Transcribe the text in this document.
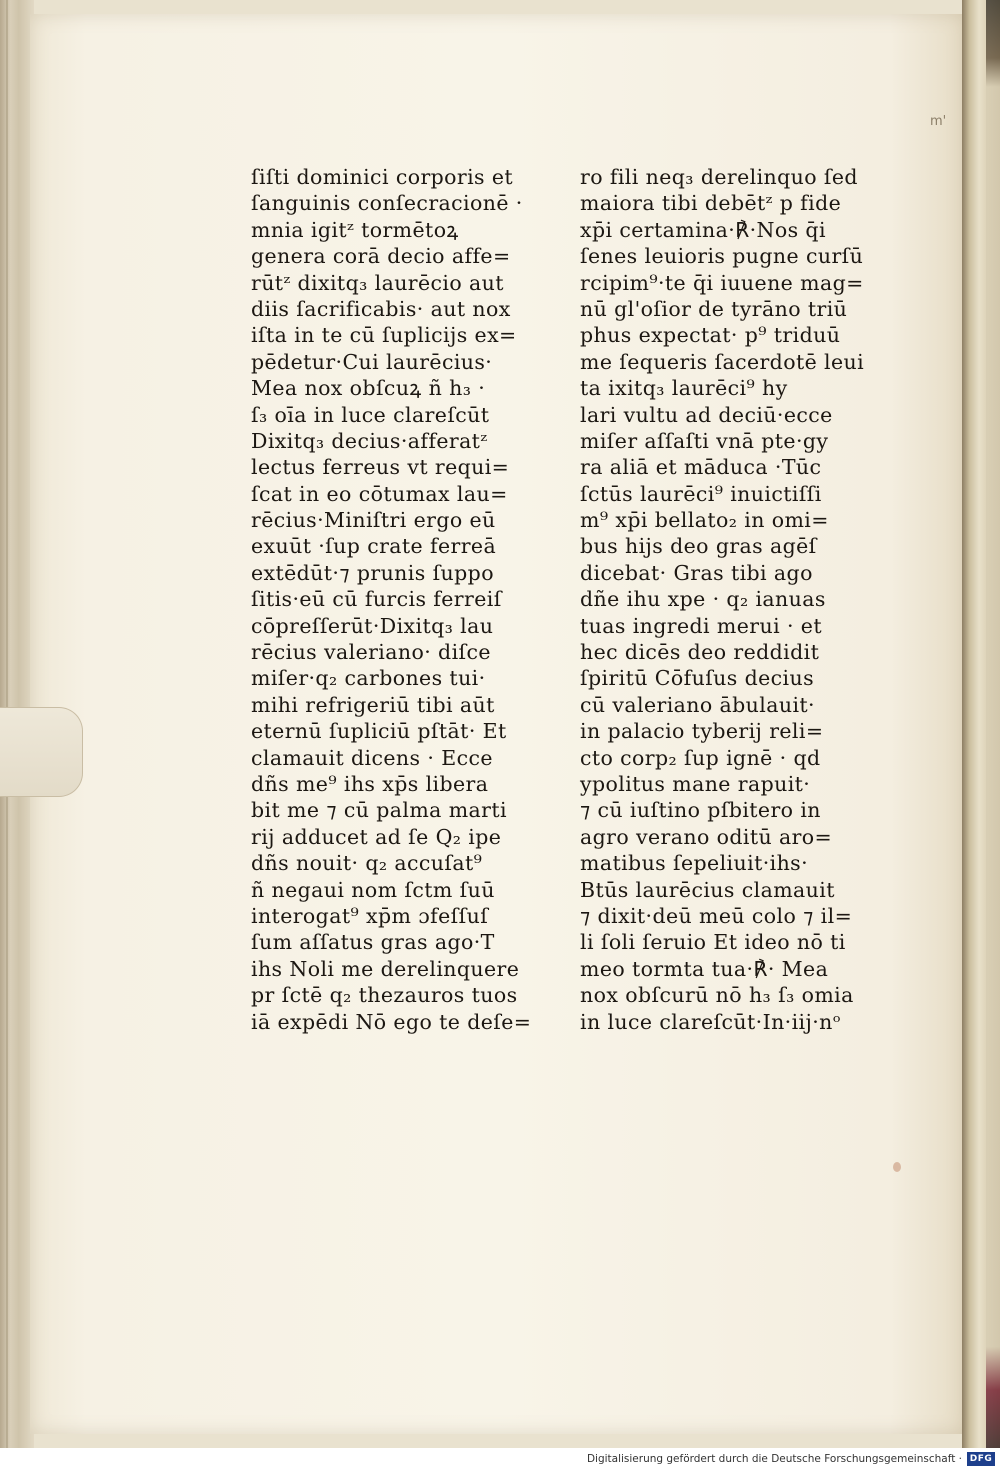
m'
ſiſti dominici corporis et
ſanguinis conſecracionē ·
mnia igitᶻ tormētoꝝ
genera corā decio affe=
rūtᶻ dixitq₃ laurēcio aut
diis ſacrificabis· aut nox
iſta in te cū ſuplicijs ex=
pēdetur·Cui laurēcius·
Mea nox obſcuꝝ ñ h₃ ·
ſ₃ oīa in luce clareſcūt
Dixitq₃ decius·afferatᶻ
lectus ferreus vt requi=
ſcat in eo cōtumax lau=
rēcius·Miniſtri ergo eū
exuūt ·ſup crate ferreā
extēdūt·⁊ prunis ſuppo
ſitis·eū cū furcis ferreiſ
cōpreſſerūt·Dixitq₃ lau
rēcius valeriano· diſce
miſer·q₂ carbones tui·
mihi refrigeriū tibi aūt
eternū ſupliciū pſtāt· Et
clamauit dicens · Ecce
dñs me⁹ ihs xp̄s libera
bit me ⁊ cū palma marti
rij adducet ad ſe Q₂ ipe
dñs nouit· q₂ accuſat⁹
ñ negaui nom ſctm ſuū
interogat⁹ xp̄m ɔfeſſuſ
ſum aſſatus gras ago·T
ihs Noli me derelinquere
pr ſctē q₂ thezauros tuos
iā expēdi Nō ego te deſe=
ro fili neq₃ derelinquo ſed
maiora tibi debētᶻ p fide
xp̄i certamina·℟·Nos q̄i
ſenes leuioris pugne curſū
rcipim⁹·te q̄i iuuene mag=
nū gl'oſior de tyrāno triū
phus expectat· p⁹ triduū
me ſequeris ſacerdotē leui
ta ixitq₃ laurēci⁹ hy
lari vultu ad deciū·ecce
miſer aſſaſti vnā pte·gy
ra aliā et māduca ·Tūc
ſctūs laurēci⁹ inuictiſſi
m⁹ xp̄i bellato₂ in omi=
bus hijs deo gras agēſ
dicebat· Gras tibi ago
dñe ihu xpe · q₂ ianuas
tuas ingredi merui · et
hec dicēs deo reddidit
ſpiritū Cōfuſus decius
cū valeriano ābulauit·
in palacio tyberij reli=
cto corp₂ ſup ignē · qd
ypolitus mane rapuit·
⁊ cū iuſtino pſbitero in
agro verano oditū aro=
matibus ſepeliuit·ihs·
Btūs laurēcius clamauit
⁊ dixit·deū meū colo ⁊ il=
li ſoli ſeruio Et ideo nō ti
meo tormta tua·℟· Mea
nox obſcurū nō h₃ ſ₃ omia
in luce clareſcūt·In·iij·nᵒ
Digitalisierung gefördert durch die Deutsche Forschungsgemeinschaft · DFG
